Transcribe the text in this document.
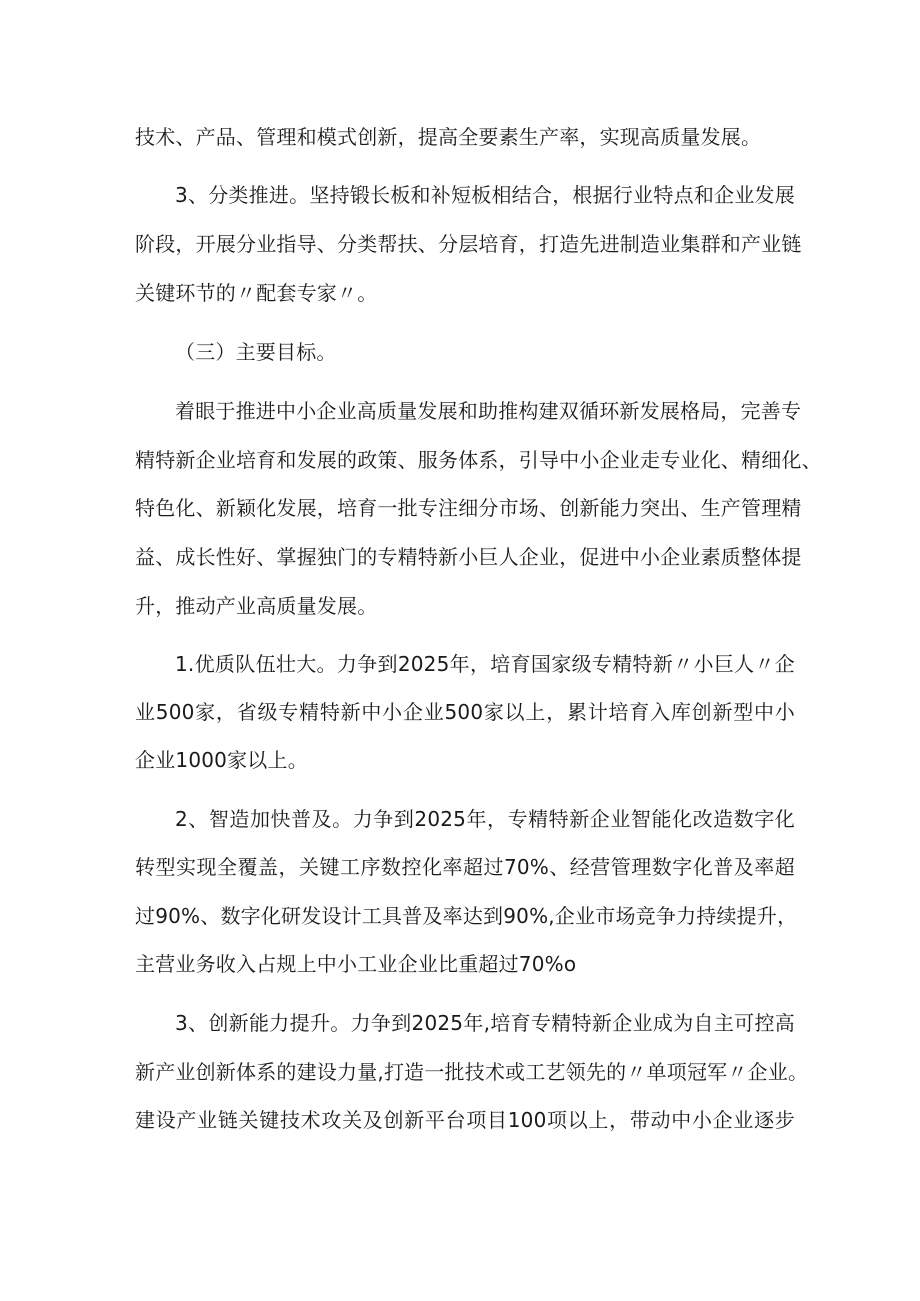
技术、产品、管理和模式创新，提高全要素生产率，实现高质量发展。
3、分类推进。坚持锻长板和补短板相结合，根据行业特点和企业发展
阶段，开展分业指导、分类帮扶、分层培育，打造先进制造业集群和产业链
关键环节的〃配套专家〃。
（三）主要目标。
着眼于推进中小企业高质量发展和助推构建双循环新发展格局，完善专
精特新企业培育和发展的政策、服务体系，引导中小企业走专业化、精细化、
特色化、新颖化发展，培育一批专注细分市场、创新能力突出、生产管理精
益、成长性好、掌握独门的专精特新小巨人企业，促进中小企业素质整体提
升，推动产业高质量发展。
1.优质队伍壮大。力争到2025年，培育国家级专精特新〃小巨人〃企
业500家，省级专精特新中小企业500家以上，累计培育入库创新型中小
企业1000家以上。
2、智造加快普及。力争到2025年，专精特新企业智能化改造数字化
转型实现全覆盖，关键工序数控化率超过70%、经营管理数字化普及率超
过90%、数字化研发设计工具普及率达到90%,企业市场竞争力持续提升，
主营业务收入占规上中小工业企业比重超过70%o
3、创新能力提升。力争到2025年,培育专精特新企业成为自主可控高
新产业创新体系的建设力量,打造一批技术或工艺领先的〃单项冠军〃企业。
建设产业链关键技术攻关及创新平台项目100项以上，带动中小企业逐步
